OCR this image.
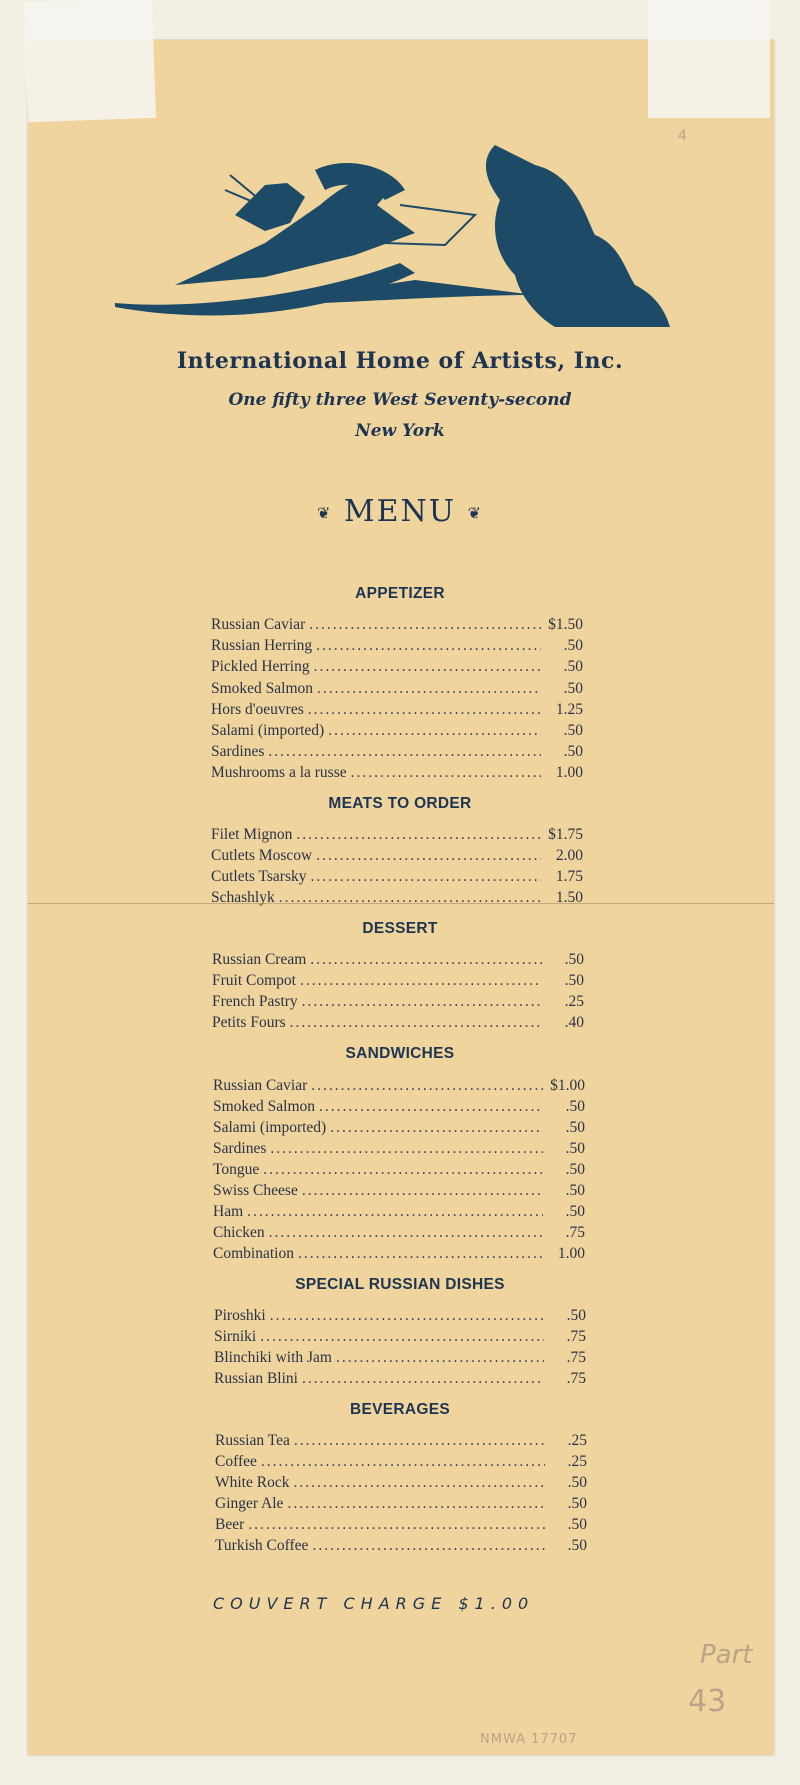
International Home of Artists, Inc.
One fifty three West Seventy-second
New York
❦ MENU ❦
APPETIZER
Russian Caviar .....	$1.50
Russian Herring .....	.50
Pickled Herring .....	.50
Smoked Salmon .....	.50
Hors d'oeuvres .....	1.25
Salami (imported) .....	.50
Sardines .....	.50
Mushrooms a la russe .....	1.00
MEATS TO ORDER
Filet Mignon .....	$1.75
Cutlets Moscow .....	2.00
Cutlets Tsarsky .....	1.75
Schashlyk .....	1.50
DESSERT
Russian Cream .....	.50
Fruit Compot .....	.50
French Pastry .....	.25
Petits Fours .....	.40
SANDWICHES
Russian Caviar .....	$1.00
Smoked Salmon .....	.50
Salami (imported) .....	.50
Sardines .....	.50
Tongue .....	.50
Swiss Cheese .....	.50
Ham .....	.50
Chicken .....	.75
Combination .....	1.00
SPECIAL RUSSIAN DISHES
Piroshki .....	.50
Sirniki .....	.75
Blinchiki with Jam .....	.75
Russian Blini .....	.75
BEVERAGES
Russian Tea .....	.25
Coffee .....	.25
White Rock .....	.50
Ginger Ale .....	.50
Beer .....	.50
Turkish Coffee .....	.50
COUVERT CHARGE $1.00
Part
43
NMWA 17707
4
